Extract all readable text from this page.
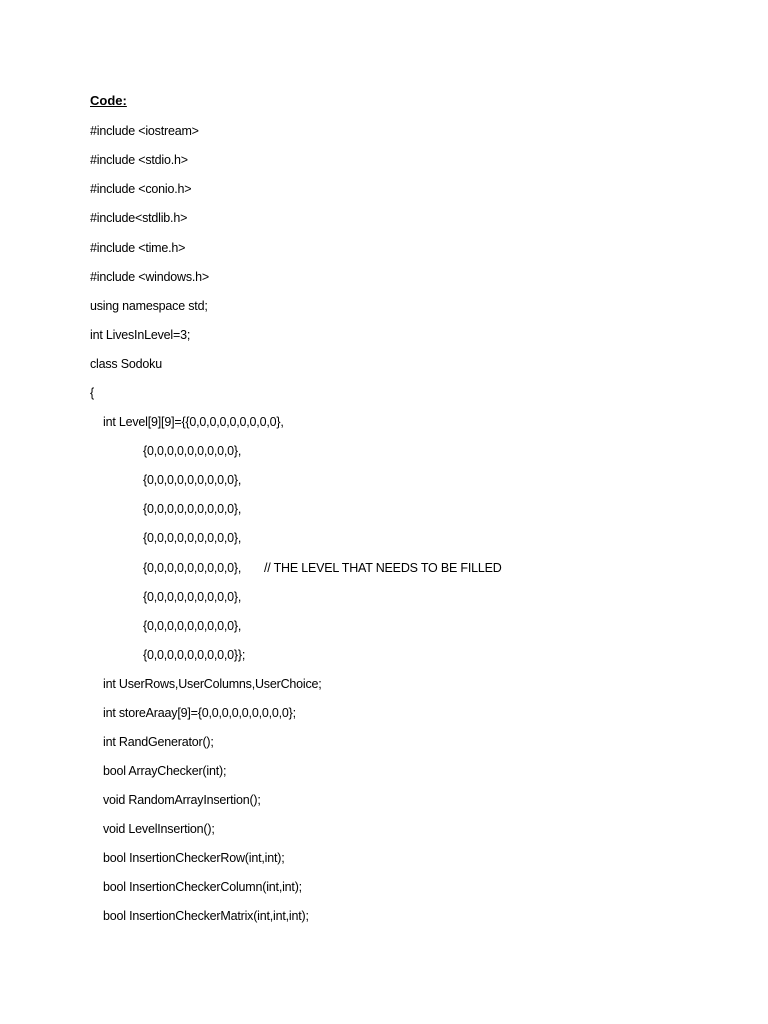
Code:
#include <iostream>
#include <stdio.h>
#include <conio.h>
#include<stdlib.h>
#include <time.h>
#include <windows.h>
using namespace std;
int LivesInLevel=3;
class Sodoku
{
int Level[9][9]={{0,0,0,0,0,0,0,0,0},
{0,0,0,0,0,0,0,0,0},
{0,0,0,0,0,0,0,0,0},
{0,0,0,0,0,0,0,0,0},
{0,0,0,0,0,0,0,0,0},
{0,0,0,0,0,0,0,0,0}, // THE LEVEL THAT NEEDS TO BE FILLED
{0,0,0,0,0,0,0,0,0},
{0,0,0,0,0,0,0,0,0},
{0,0,0,0,0,0,0,0,0}};
int UserRows,UserColumns,UserChoice;
int storeAraay[9]={0,0,0,0,0,0,0,0,0};
int RandGenerator();
bool ArrayChecker(int);
void RandomArrayInsertion();
void LevelInsertion();
bool InsertionCheckerRow(int,int);
bool InsertionCheckerColumn(int,int);
bool InsertionCheckerMatrix(int,int,int);
